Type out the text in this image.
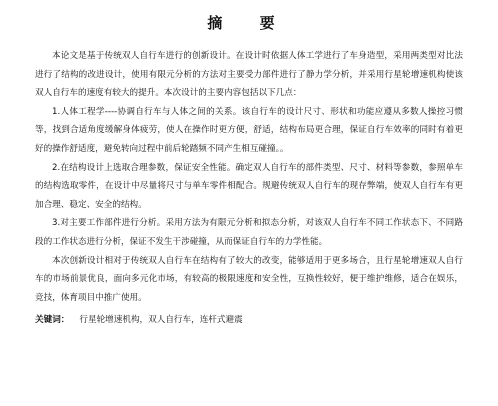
摘 要

本论文是基于传统双人自行车进行的创新设计。在设计时依据人体工学进行了车身造型，采用两类型对比法进行了结构的改进设计，使用有限元分析的方法对主要受力部件进行了静力学分析，并采用行星轮增速机构使该双人自行车的速度有较大的提升。本次设计的主要内容包括以下几点：

1.人体工程学----协调自行车与人体之间的关系。该自行车的设计尺寸、形状和功能应遵从多数人操控习惯等，找到合适角度缓解身体疲劳，使人在操作时更方便，舒适，结构布局更合理，保证自行车效率的同时有着更好的操作舒适度，避免转向过程中前后轮踏频不同产生相互碰撞。。

2.在结构设计上选取合理参数，保证安全性能。确定双人自行车的部件类型、尺寸、材料等参数，参照单车的结构选取零件，在设计中尽量将尺寸与单车零件相配合。规避传统双人自行车的现存弊端，使双人自行车有更加合理、稳定、安全的结构。

3.对主要工作部件进行分析。采用方法为有限元分析和拟态分析，对该双人自行车不同工作状态下、不同路段的工作状态进行分析，保证不发生干涉碰撞，从而保证自行车的力学性能。

本次创新设计相对于传统双人自行车在结构有了较大的改变，能够适用于更多场合，且行星轮增速双人自行车的市场前景优良，面向多元化市场，有较高的极限速度和安全性，互换性较好，便于维护维修，适合在娱乐，竞技，体育项目中推广使用。

关键词： 行星轮增速机构，双人自行车，连杆式避震
